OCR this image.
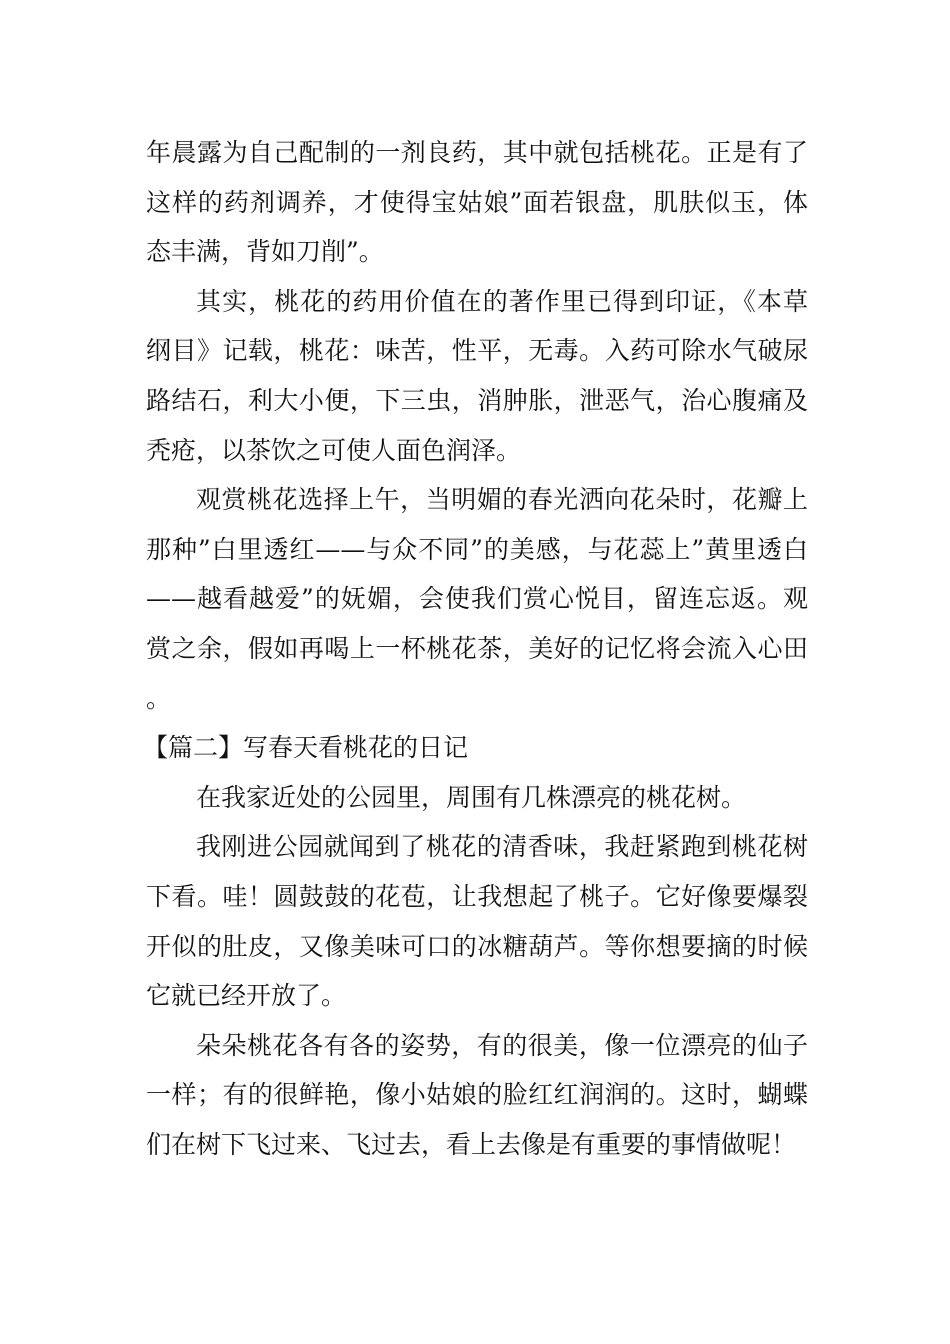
年晨露为自己配制的一剂良药，其中就包括桃花。正是有了这样的药剂调养，才使得宝姑娘”面若银盘，肌肤似玉，体态丰满，背如刀削”。

其实，桃花的药用价值在的著作里已得到印证，《本草纲目》记载，桃花：味苦，性平，无毒。入药可除水气破尿路结石，利大小便，下三虫，消肿胀，泄恶气，治心腹痛及秃疮，以茶饮之可使人面色润泽。

观赏桃花选择上午，当明媚的春光洒向花朵时，花瓣上那种”白里透红——与众不同”的美感，与花蕊上”黄里透白——越看越爱”的妩媚，会使我们赏心悦目，留连忘返。观赏之余，假如再喝上一杯桃花茶，美好的记忆将会流入心田。

【篇二】写春天看桃花的日记

在我家近处的公园里，周围有几株漂亮的桃花树。

我刚进公园就闻到了桃花的清香味，我赶紧跑到桃花树下看。哇！圆鼓鼓的花苞，让我想起了桃子。它好像要爆裂开似的肚皮，又像美味可口的冰糖葫芦。等你想要摘的时候它就已经开放了。

朵朵桃花各有各的姿势，有的很美，像一位漂亮的仙子一样；有的很鲜艳，像小姑娘的脸红红润润的。这时，蝴蝶们在树下飞过来、飞过去，看上去像是有重要的事情做呢！
